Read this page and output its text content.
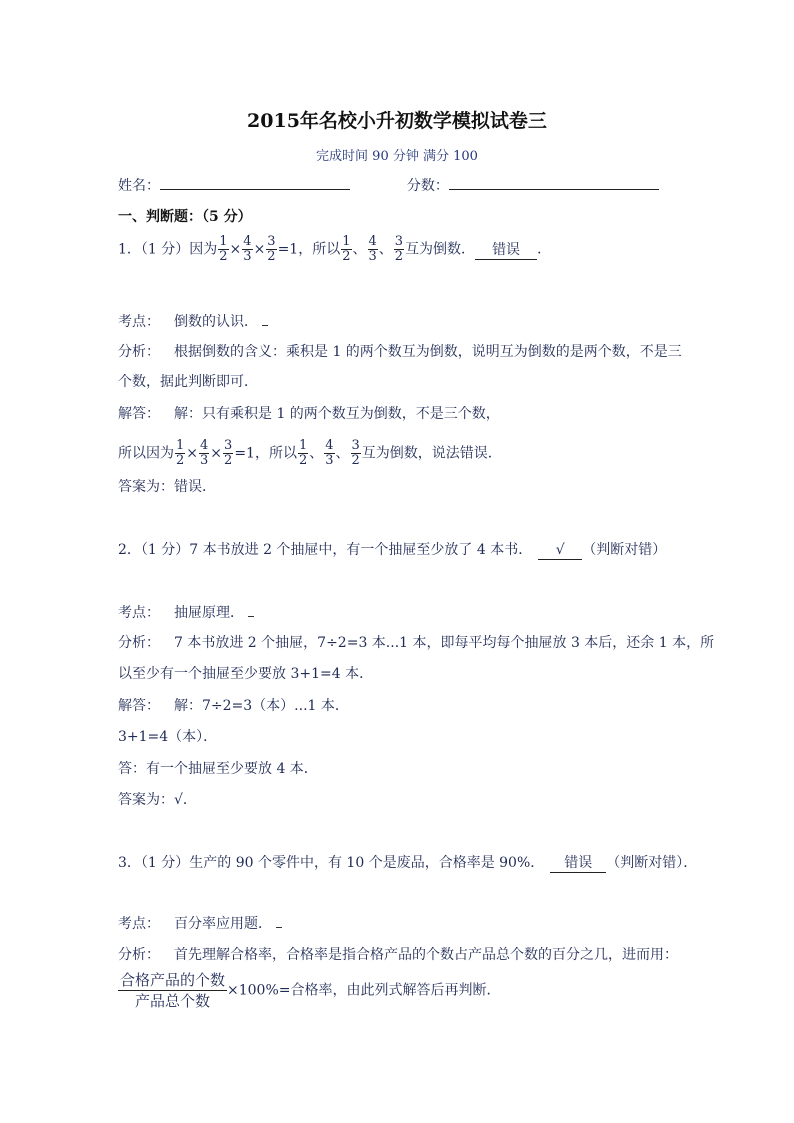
2015年名校小升初数学模拟试卷三
完成时间 90 分钟 满分 100
姓名：	分数：
一、判断题：（5 分）
1．（1 分）因为 $\frac{1}{2} \times \frac{4}{3} \times \frac{3}{2} =1$，所以 $\frac{1}{2}$ 、 $\frac{4}{3}$ 、 $\frac{3}{2}$ 互为倒数． 错误 ．
考点： 倒数的认识．
分析： 根据倒数的含义：乘积是 1 的两个数互为倒数，说明互为倒数的是两个数，不是三
个数，据此判断即可．
解答： 解：只有乘积是 1 的两个数互为倒数，不是三个数，
所以因为 $\frac{1}{2} \times \frac{4}{3} \times \frac{3}{2} =1$，所以 $\frac{1}{2}$ 、 $\frac{4}{3}$ 、 $\frac{3}{2}$ 互为倒数，说法错误．
答案为：错误．
2．（1 分）7 本书放进 2 个抽屉中，有一个抽屉至少放了 4 本书． √ （判断对错）
考点： 抽屉原理．
分析： 7 本书放进 2 个抽屉，7÷2=3 本...1 本，即每平均每个抽屉放 3 本后，还余 1 本，所
以至少有一个抽屉至少要放 3+1=4 本．
解答： 解：7÷2=3（本）...1 本．
3+1=4（本）．
答：有一个抽屉至少要放 4 本．
答案为：√．
3．（1 分）生产的 90 个零件中，有 10 个是废品，合格率是 90%． 错误 （判断对错）．
考点： 百分率应用题．
分析： 首先理解合格率，合格率是指合格产品的个数占产品总个数的百分之几，进而用：
$\frac{\text{合格产品的个数}}{\text{产品总个数}} \times 100\%=$合格率，由此列式解答后再判断．
